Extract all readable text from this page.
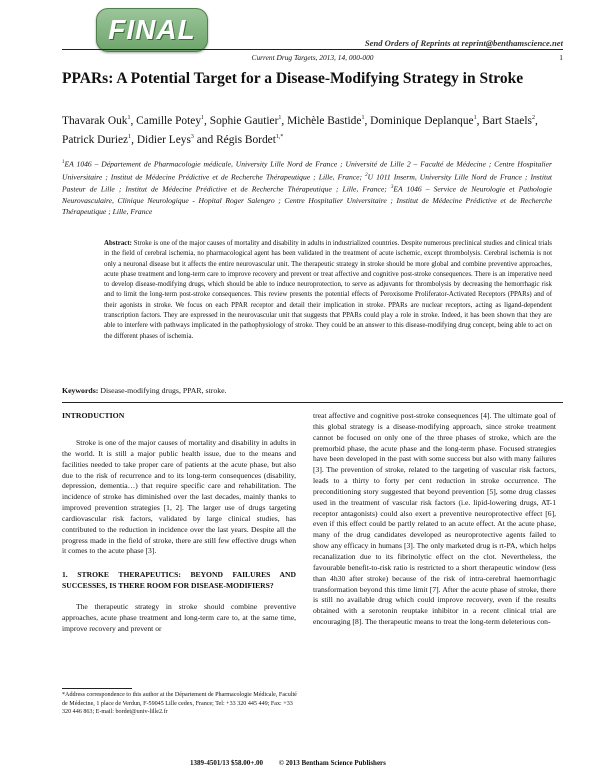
FINAL	Send Orders of Reprints at reprint@benthamscience.net
Current Drug Targets, 2013, 14, 000-000	1
PPARs: A Potential Target for a Disease-Modifying Strategy in Stroke
Thavarak Ouk$^1$, Camille Potey$^1$, Sophie Gautier$^1$, Michèle Bastide$^1$, Dominique Deplanque$^1$, Bart Staels$^2$, Patrick Duriez$^1$, Didier Leys$^3$ and Régis Bordet$^{1,*}$
$^1$EA 1046 – Département de Pharmacologie médicale, University Lille Nord de France ; Université de Lille 2 – Faculté de Médecine ; Centre Hospitalier Universitaire ; Institut de Médecine Prédictive et de Recherche Thérapeutique ; Lille, France; $^2$U 1011 Inserm, University Lille Nord de France ; Institut Pasteur de Lille ; Institut de Médecine Prédictive et de Recherche Thérapeutique ; Lille, France; $^3$EA 1046 – Service de Neurologie et Pathologie Neurovasculaire, Clinique Neurologique - Hopital Roger Salengro ; Centre Hospitalier Universitaire ; Institut de Médecine Prédictive et de Recherche Thérapeutique ; Lille, France
Abstract: Stroke is one of the major causes of mortality and disability in adults in industrialized countries. Despite numerous preclinical studies and clinical trials in the field of cerebral ischemia, no pharmacological agent has been validated in the treatment of acute ischemic, except thrombolysis. Cerebral ischemia is not only a neuronal disease but it affects the entire neurovascular unit. The therapeutic strategy in stroke should be more global and combine preventive approaches, acute phase treatment and long-term care to improve recovery and prevent or treat affective and cognitive post-stroke consequences. There is an imperative need to develop disease-modifying drugs, which should be able to induce neuroprotection, to serve as adjuvants for thrombolysis by decreasing the hemorrhagic risk and to limit the long-term post-stroke consequences. This review presents the potential effects of Peroxisome Proliferator-Activated Receptors (PPARs) and of their agonists in stroke. We focus on each PPAR receptor and detail their implication in stroke. PPARs are nuclear receptors, acting as ligand-dependent transcription factors. They are expressed in the neurovascular unit that suggests that PPARs could play a role in stroke. Indeed, it has been shown that they are able to interfere with pathways implicated in the pathophysiology of stroke. They could be an answer to this disease-modifying drug concept, being able to act on the different phases of ischemia.
Keywords: Disease-modifying drugs, PPAR, stroke.
INTRODUCTION

Stroke is one of the major causes of mortality and disability in adults in the world. It is still a major public health issue, due to the means and facilities needed to take proper care of patients at the acute phase, but also due to the risk of recurrence and to its long-term consequences (disability, depression, dementia…) that require specific care and rehabilitation. The incidence of stroke has diminished over the last decades, mainly thanks to improved prevention strategies [1, 2]. The larger use of drugs targeting cardiovascular risk factors, validated by large clinical studies, has contributed to the reduction in incidence over the last years. Despite all the progress made in the field of stroke, there are still few effective drugs when it comes to the acute phase [3].

1. STROKE THERAPEUTICS: BEYOND FAILURES AND SUCCESSES, IS THERE ROOM FOR DISEASE-MODIFIERS?

The therapeutic strategy in stroke should combine preventive approaches, acute phase treatment and long-term care to, at the same time, improve recovery and prevent or

treat affective and cognitive post-stroke consequences [4]. The ultimate goal of this global strategy is a disease-modifying approach, since stroke treatment cannot be focused on only one of the three phases of stroke, which are the premorbid phase, the acute phase and the long-term phase. Focused strategies have been developed in the past with some success but also with many failures [3]. The prevention of stroke, related to the targeting of vascular risk factors, leads to a thirty to forty per cent reduction in stroke occurrence. The preconditioning story suggested that beyond prevention [5], some drug classes used in the treatment of vascular risk factors (i.e. lipid-lowering drugs, AT-1 receptor antagonists) could also exert a preventive neuroprotective effect [6], even if this effect could be partly related to an acute effect. At the acute phase, many of the drug candidates developed as neuroprotective agents failed to show any efficacy in humans [3]. The only marketed drug is rt-PA, which helps recanalization due to its fibrinolytic effect on the clot. Nevertheless, the favourable benefit-to-risk ratio is restricted to a short therapeutic window (less than 4h30 after stroke) because of the risk of intra-cerebral haemorrhagic transformation beyond this time limit [7]. After the acute phase of stroke, there is still no available drug which could improve recovery, even if the results obtained with a serotonin reuptake inhibitor in a recent clinical trial are encouraging [8]. The therapeutic means to treat the long-term deleterious con-

*Address correspondence to this author at the Département de Pharmacologie Médicale, Faculté de Médecine, 1 place de Verdun, F-59045 Lille cedex, France; Tel: +33 320 445 449; Fax: +33 320 446 863; E-mail: bordet@univ-lille2.fr
1389-4501/13 $58.00+.00 © 2013 Bentham Science Publishers
